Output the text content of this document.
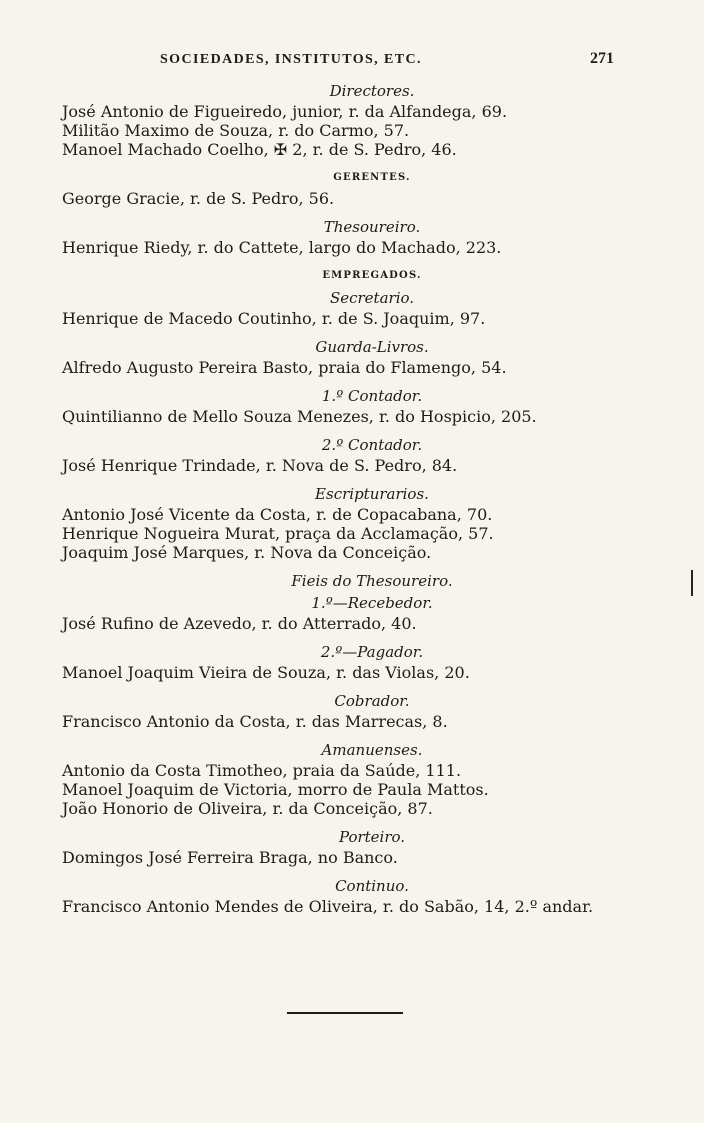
SOCIEDADES, INSTITUTOS, ETC.	271
Directores.
José Antonio de Figueiredo, junior, r. da Alfandega, 69.
Militão Maximo de Souza, r. do Carmo, 57.
Manoel Machado Coelho, ✠ 2, r. de S. Pedro, 46.
GERENTES.
George Gracie, r. de S. Pedro, 56.
Thesoureiro.
Henrique Riedy, r. do Cattete, largo do Machado, 223.
EMPREGADOS.
Secretario.
Henrique de Macedo Coutinho, r. de S. Joaquim, 97.
Guarda-Livros.
Alfredo Augusto Pereira Basto, praia do Flamengo, 54.
1.º Contador.
Quintilianno de Mello Souza Menezes, r. do Hospicio, 205.
2.º Contador.
José Henrique Trindade, r. Nova de S. Pedro, 84.
Escripturarios.
Antonio José Vicente da Costa, r. de Copacabana, 70.
Henrique Nogueira Murat, praça da Acclamação, 57.
Joaquim José Marques, r. Nova da Conceição.
Fieis do Thesoureiro.
1.º—Recebedor.
José Rufino de Azevedo, r. do Atterrado, 40.
2.º—Pagador.
Manoel Joaquim Vieira de Souza, r. das Violas, 20.
Cobrador.
Francisco Antonio da Costa, r. das Marrecas, 8.
Amanuenses.
Antonio da Costa Timotheo, praia da Saúde, 111.
Manoel Joaquim de Victoria, morro de Paula Mattos.
João Honorio de Oliveira, r. da Conceição, 87.
Porteiro.
Domingos José Ferreira Braga, no Banco.
Continuo.
Francisco Antonio Mendes de Oliveira, r. do Sabão, 14, 2.º andar.
